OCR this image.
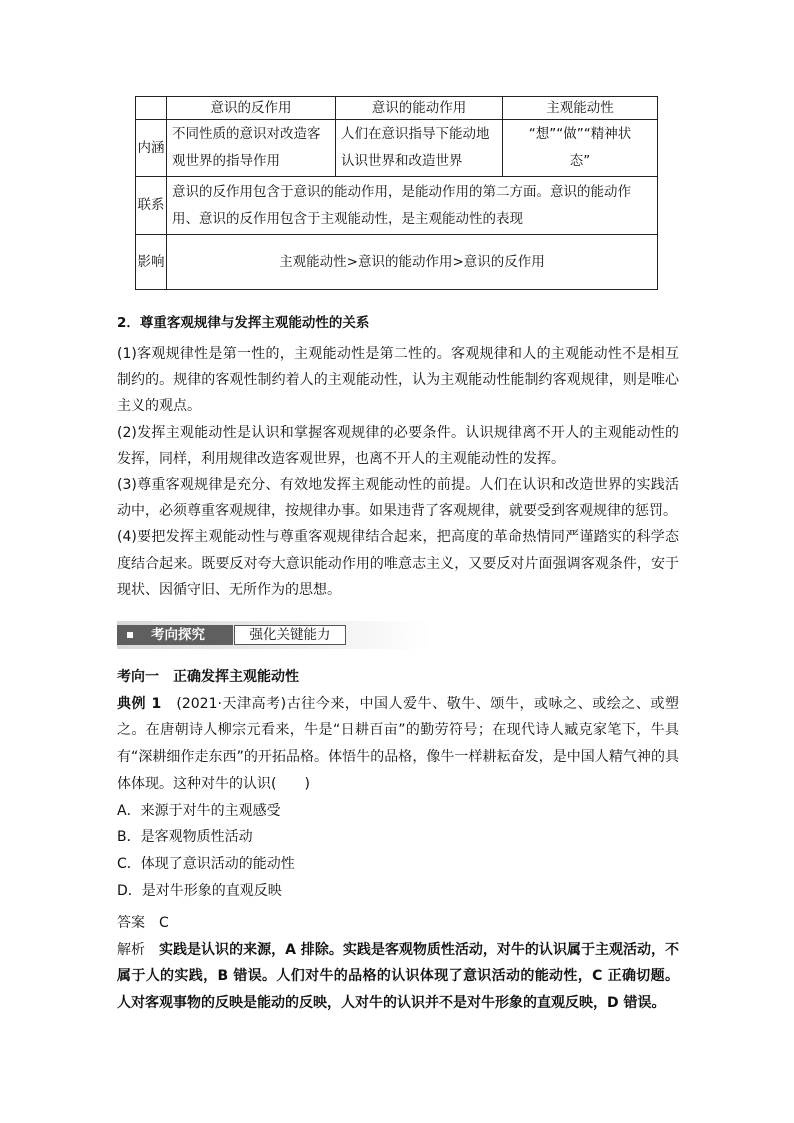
	意识的反作用	意识的能动作用	主观能动性
内涵	不同性质的意识对改造客观世界的指导作用	人们在意识指导下能动地认识世界和改造世界	“想”“做”“精神状态”
联系	意识的反作用包含于意识的能动作用，是能动作用的第二方面。意识的能动作用、意识的反作用包含于主观能动性，是主观能动性的表现		
影响	主观能动性>意识的能动作用>意识的反作用		
2．尊重客观规律与发挥主观能动性的关系

(1)客观规律性是第一性的，主观能动性是第二性的。客观规律和人的主观能动性不是相互制约的。规律的客观性制约着人的主观能动性，认为主观能动性能制约客观规律，则是唯心主义的观点。

(2)发挥主观能动性是认识和掌握客观规律的必要条件。认识规律离不开人的主观能动性的发挥，同样，利用规律改造客观世界，也离不开人的主观能动性的发挥。

(3)尊重客观规律是充分、有效地发挥主观能动性的前提。人们在认识和改造世界的实践活动中，必须尊重客观规律，按规律办事。如果违背了客观规律，就要受到客观规律的惩罚。

(4)要把发挥主观能动性与尊重客观规律结合起来，把高度的革命热情同严谨踏实的科学态度结合起来。既要反对夸大意识能动作用的唯意志主义，又要反对片面强调客观条件，安于现状、因循守旧、无所作为的思想。

考向探究	强化关键能力

考向一　正确发挥主观能动性

典例 1　 (2021·天津高考)古往今来，中国人爱牛、敬牛、颂牛，或咏之、或绘之、或塑之。在唐朝诗人柳宗元看来，牛是“日耕百亩”的勤劳符号；在现代诗人臧克家笔下，牛具有“深耕细作走东西”的开拓品格。体悟牛的品格，像牛一样耕耘奋发，是中国人精气神的具体体现。这种对牛的认识(　　)

A．来源于对牛的主观感受

B．是客观物质性活动

C．体现了意识活动的能动性

D．是对牛形象的直观反映

答案　 C

解析　 实践是认识的来源，A 排除。实践是客观物质性活动，对牛的认识属于主观活动，不属于人的实践，B 错误。人们对牛的品格的认识体现了意识活动的能动性，C 正确切题。人对客观事物的反映是能动的反映，人对牛的认识并不是对牛形象的直观反映，D 错误。
